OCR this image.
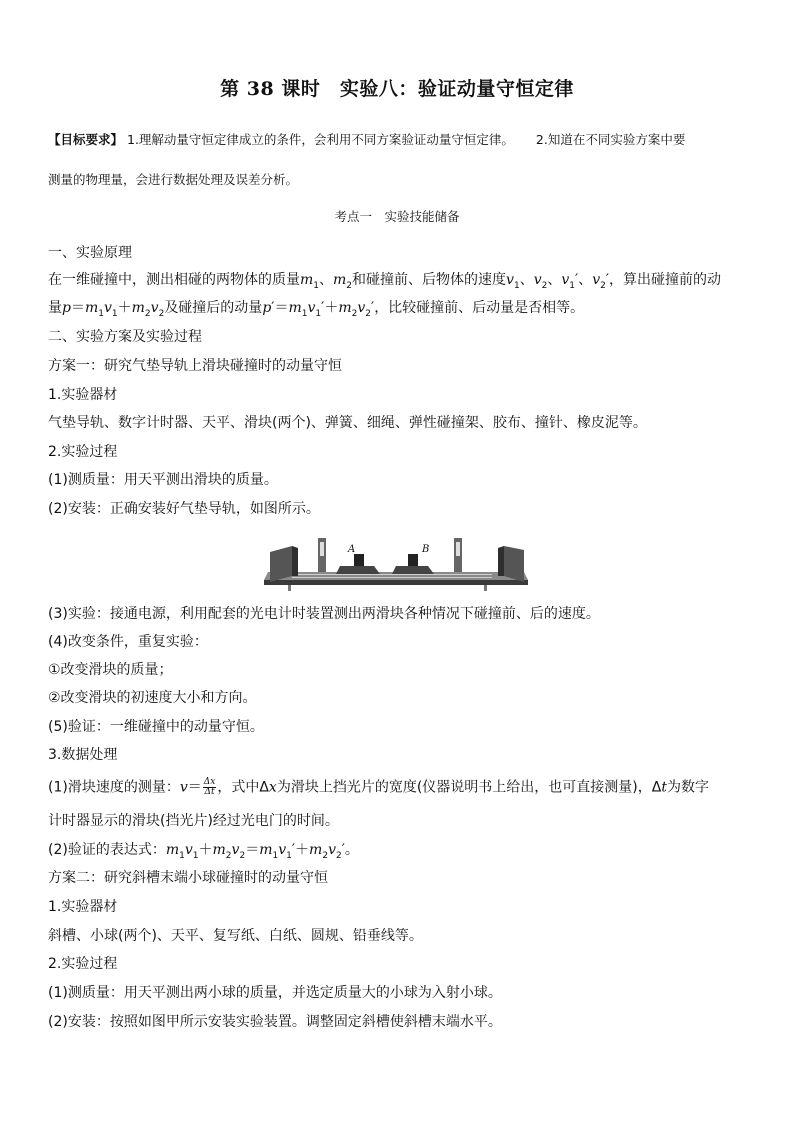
第 38 课时　实验八：验证动量守恒定律
【目标要求】 1.理解动量守恒定律成立的条件，会利用不同方案验证动量守恒定律。 2.知道在不同实验方案中要
测量的物理量，会进行数据处理及误差分析。
考点一　实验技能储备
一、实验原理
在一维碰撞中，测出相碰的两物体的质量$m_1$、$m_2$和碰撞前、后物体的速度$v_1$、$v_2$、$v_1'$、$v_2'$，算出碰撞前的动
量$p=m_1v_1+m_2v_2$及碰撞后的动量$p'=m_1v_1'+m_2v_2'$，比较碰撞前、后动量是否相等。
二、实验方案及实验过程
方案一：研究气垫导轨上滑块碰撞时的动量守恒
1.实验器材
气垫导轨、数字计时器、天平、滑块(两个)、弹簧、细绳、弹性碰撞架、胶布、撞针、橡皮泥等。
2.实验过程
(1)测质量：用天平测出滑块的质量。
(2)安装：正确安装好气垫导轨，如图所示。
A	B
(3)实验：接通电源，利用配套的光电计时装置测出两滑块各种情况下碰撞前、后的速度。
(4)改变条件，重复实验：
①改变滑块的质量；
②改变滑块的初速度大小和方向。
(5)验证：一维碰撞中的动量守恒。
3.数据处理
(1)滑块速度的测量：$v= \frac{\Delta x}{\Delta t}$ ，式中Δx为滑块上挡光片的宽度(仪器说明书上给出，也可直接测量)，Δt为数字
计时器显示的滑块(挡光片)经过光电门的时间。
(2)验证的表达式：$m_1v_1+m_2v_2=m_1v_1'+m_2v_2'$。
方案二：研究斜槽末端小球碰撞时的动量守恒
1.实验器材
斜槽、小球(两个)、天平、复写纸、白纸、圆规、铅垂线等。
2.实验过程
(1)测质量：用天平测出两小球的质量，并选定质量大的小球为入射小球。
(2)安装：按照如图甲所示安装实验装置。调整固定斜槽使斜槽末端水平。
